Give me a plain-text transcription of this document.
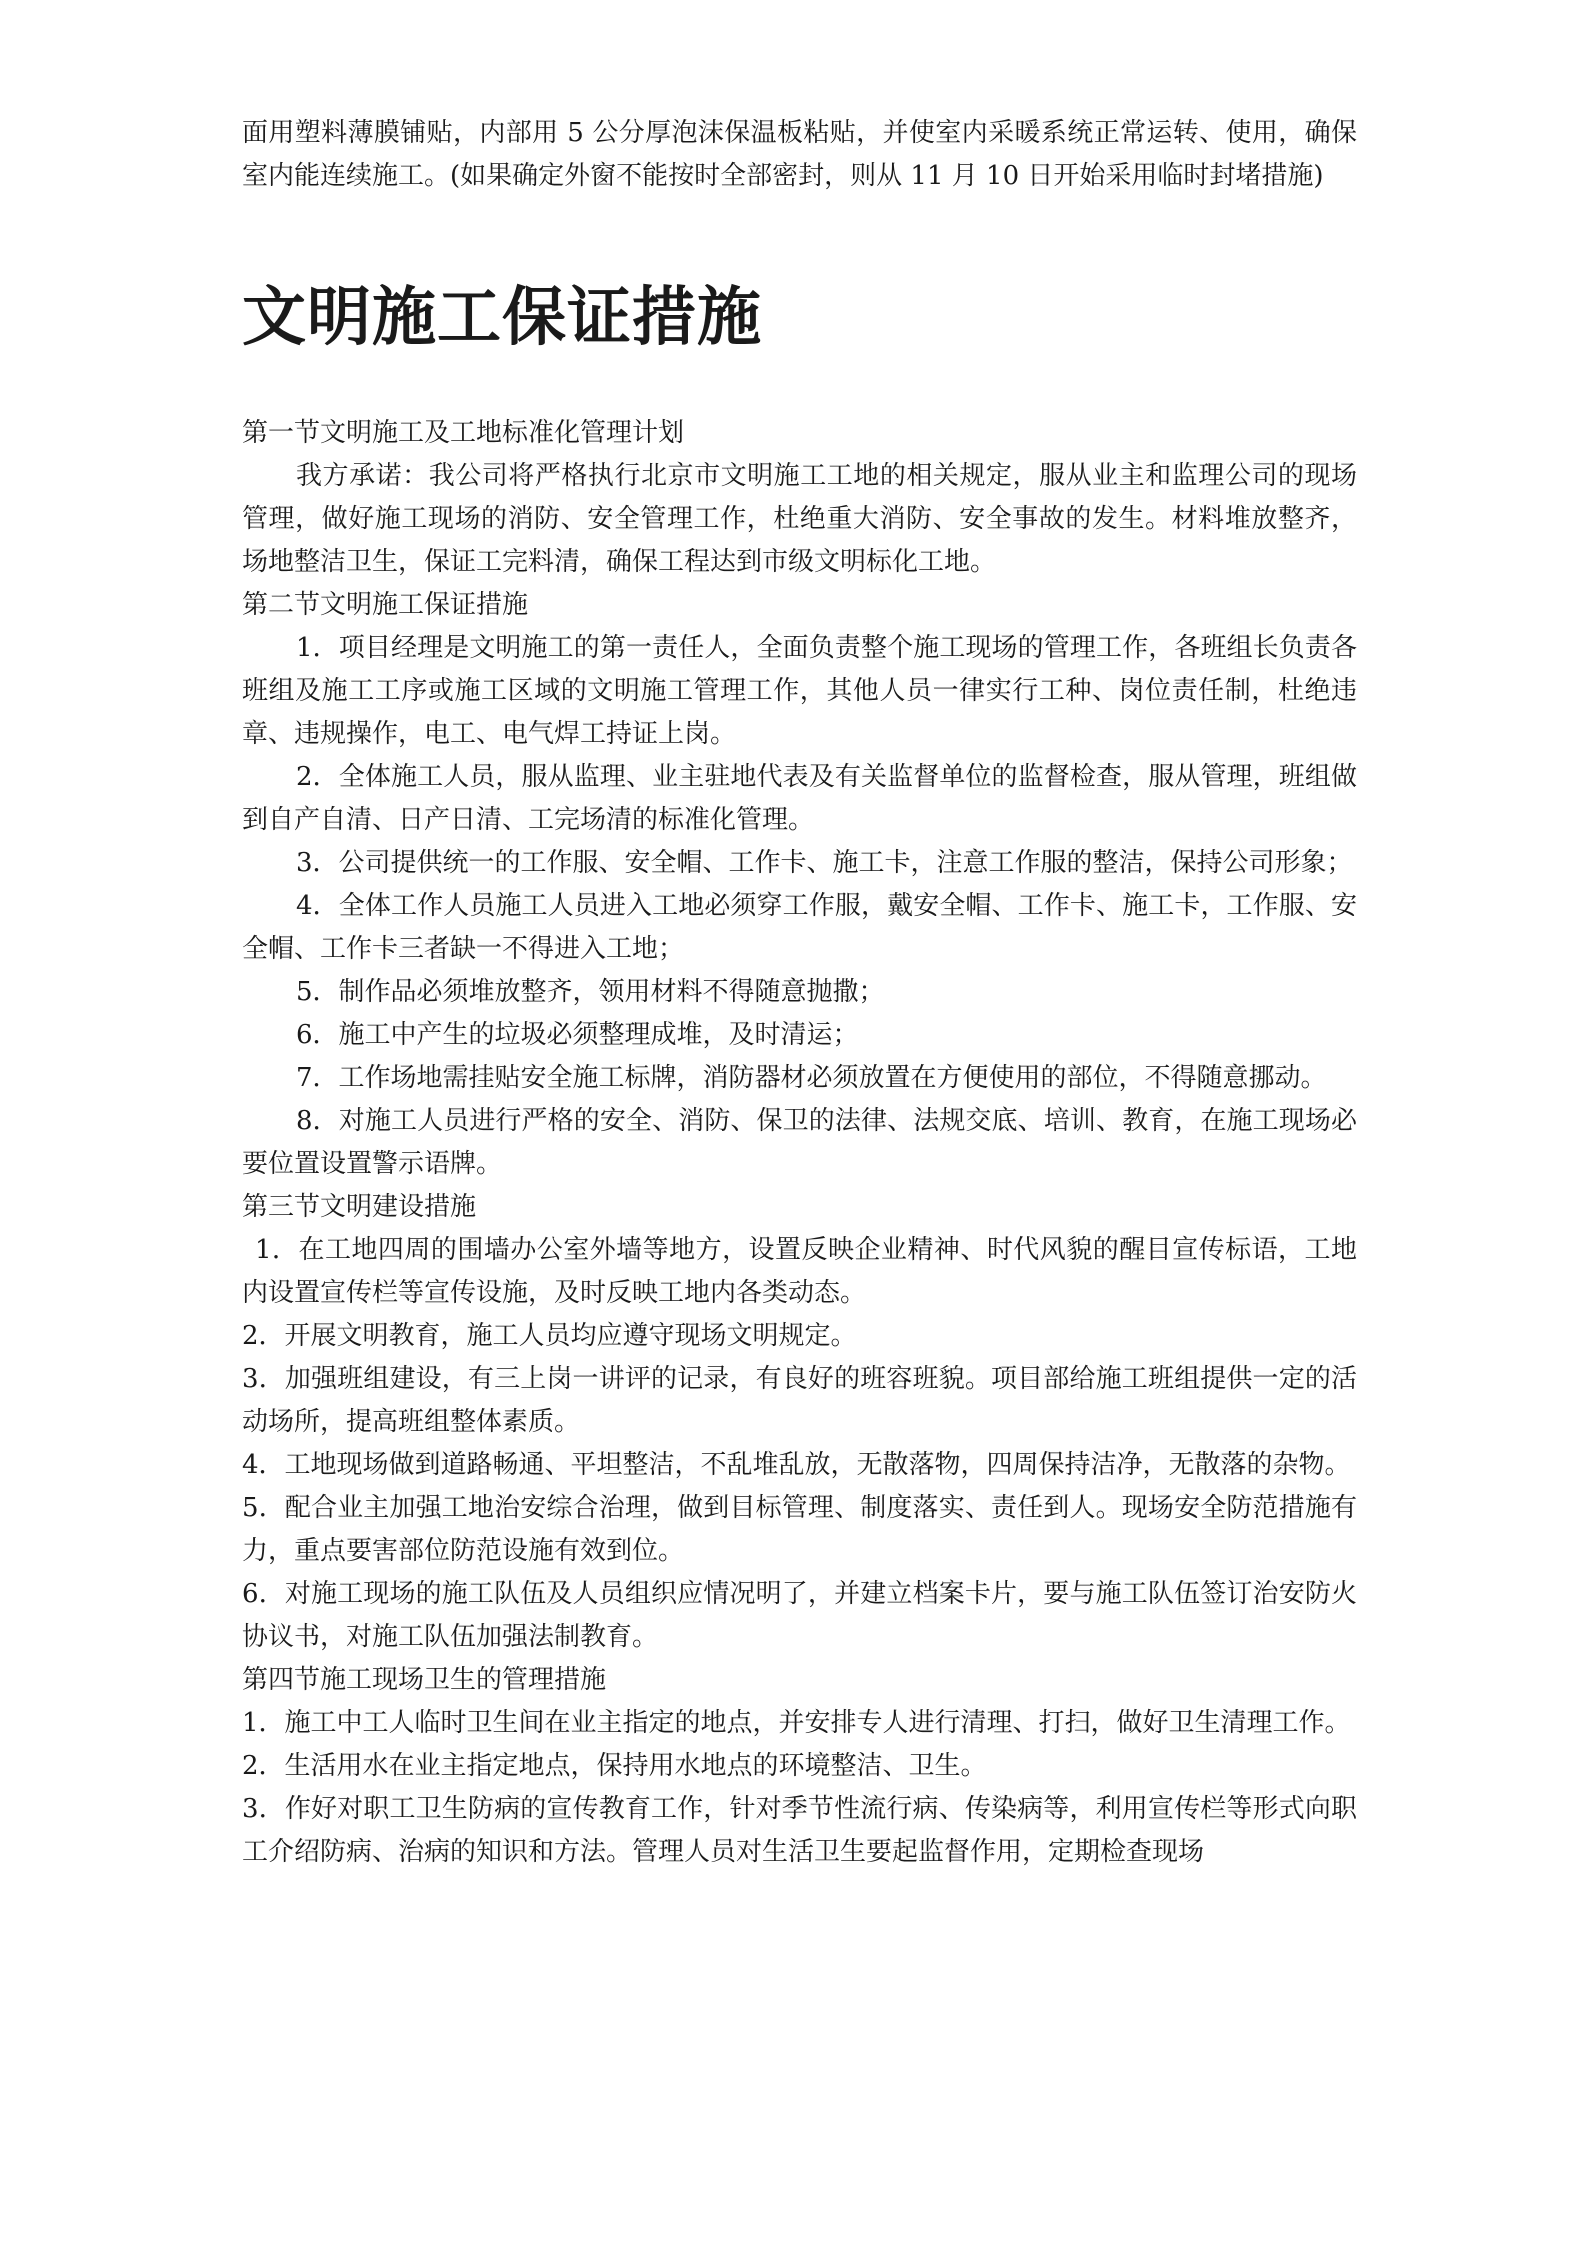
面用塑料薄膜铺贴，内部用 5 公分厚泡沫保温板粘贴，并使室内采暖系统正常运转、使用，确保室内能连续施工。(如果确定外窗不能按时全部密封，则从 11 月 10 日开始采用临时封堵措施)

文明施工保证措施

第一节文明施工及工地标准化管理计划

我方承诺：我公司将严格执行北京市文明施工工地的相关规定，服从业主和监理公司的现场管理，做好施工现场的消防、安全管理工作，杜绝重大消防、安全事故的发生。材料堆放整齐，场地整洁卫生，保证工完料清，确保工程达到市级文明标化工地。

第二节文明施工保证措施

1．项目经理是文明施工的第一责任人，全面负责整个施工现场的管理工作，各班组长负责各班组及施工工序或施工区域的文明施工管理工作，其他人员一律实行工种、岗位责任制，杜绝违章、违规操作，电工、电气焊工持证上岗。

2．全体施工人员，服从监理、业主驻地代表及有关监督单位的监督检查，服从管理，班组做到自产自清、日产日清、工完场清的标准化管理。

3．公司提供统一的工作服、安全帽、工作卡、施工卡，注意工作服的整洁，保持公司形象；

4．全体工作人员施工人员进入工地必须穿工作服，戴安全帽、工作卡、施工卡，工作服、安全帽、工作卡三者缺一不得进入工地；

5．制作品必须堆放整齐，领用材料不得随意抛撒；

6．施工中产生的垃圾必须整理成堆，及时清运；

7．工作场地需挂贴安全施工标牌，消防器材必须放置在方便使用的部位，不得随意挪动。

8．对施工人员进行严格的安全、消防、保卫的法律、法规交底、培训、教育，在施工现场必要位置设置警示语牌。

第三节文明建设措施

1．在工地四周的围墙办公室外墙等地方，设置反映企业精神、时代风貌的醒目宣传标语，工地内设置宣传栏等宣传设施，及时反映工地内各类动态。

2．开展文明教育，施工人员均应遵守现场文明规定。

3．加强班组建设，有三上岗一讲评的记录，有良好的班容班貌。项目部给施工班组提供一定的活动场所，提高班组整体素质。

4．工地现场做到道路畅通、平坦整洁，不乱堆乱放，无散落物，四周保持洁净，无散落的杂物。

5．配合业主加强工地治安综合治理，做到目标管理、制度落实、责任到人。现场安全防范措施有力，重点要害部位防范设施有效到位。

6．对施工现场的施工队伍及人员组织应情况明了，并建立档案卡片，要与施工队伍签订治安防火协议书，对施工队伍加强法制教育。

第四节施工现场卫生的管理措施

1．施工中工人临时卫生间在业主指定的地点，并安排专人进行清理、打扫，做好卫生清理工作。

2．生活用水在业主指定地点，保持用水地点的环境整洁、卫生。

3．作好对职工卫生防病的宣传教育工作，针对季节性流行病、传染病等，利用宣传栏等形式向职工介绍防病、治病的知识和方法。管理人员对生活卫生要起监督作用，定期检查现场
